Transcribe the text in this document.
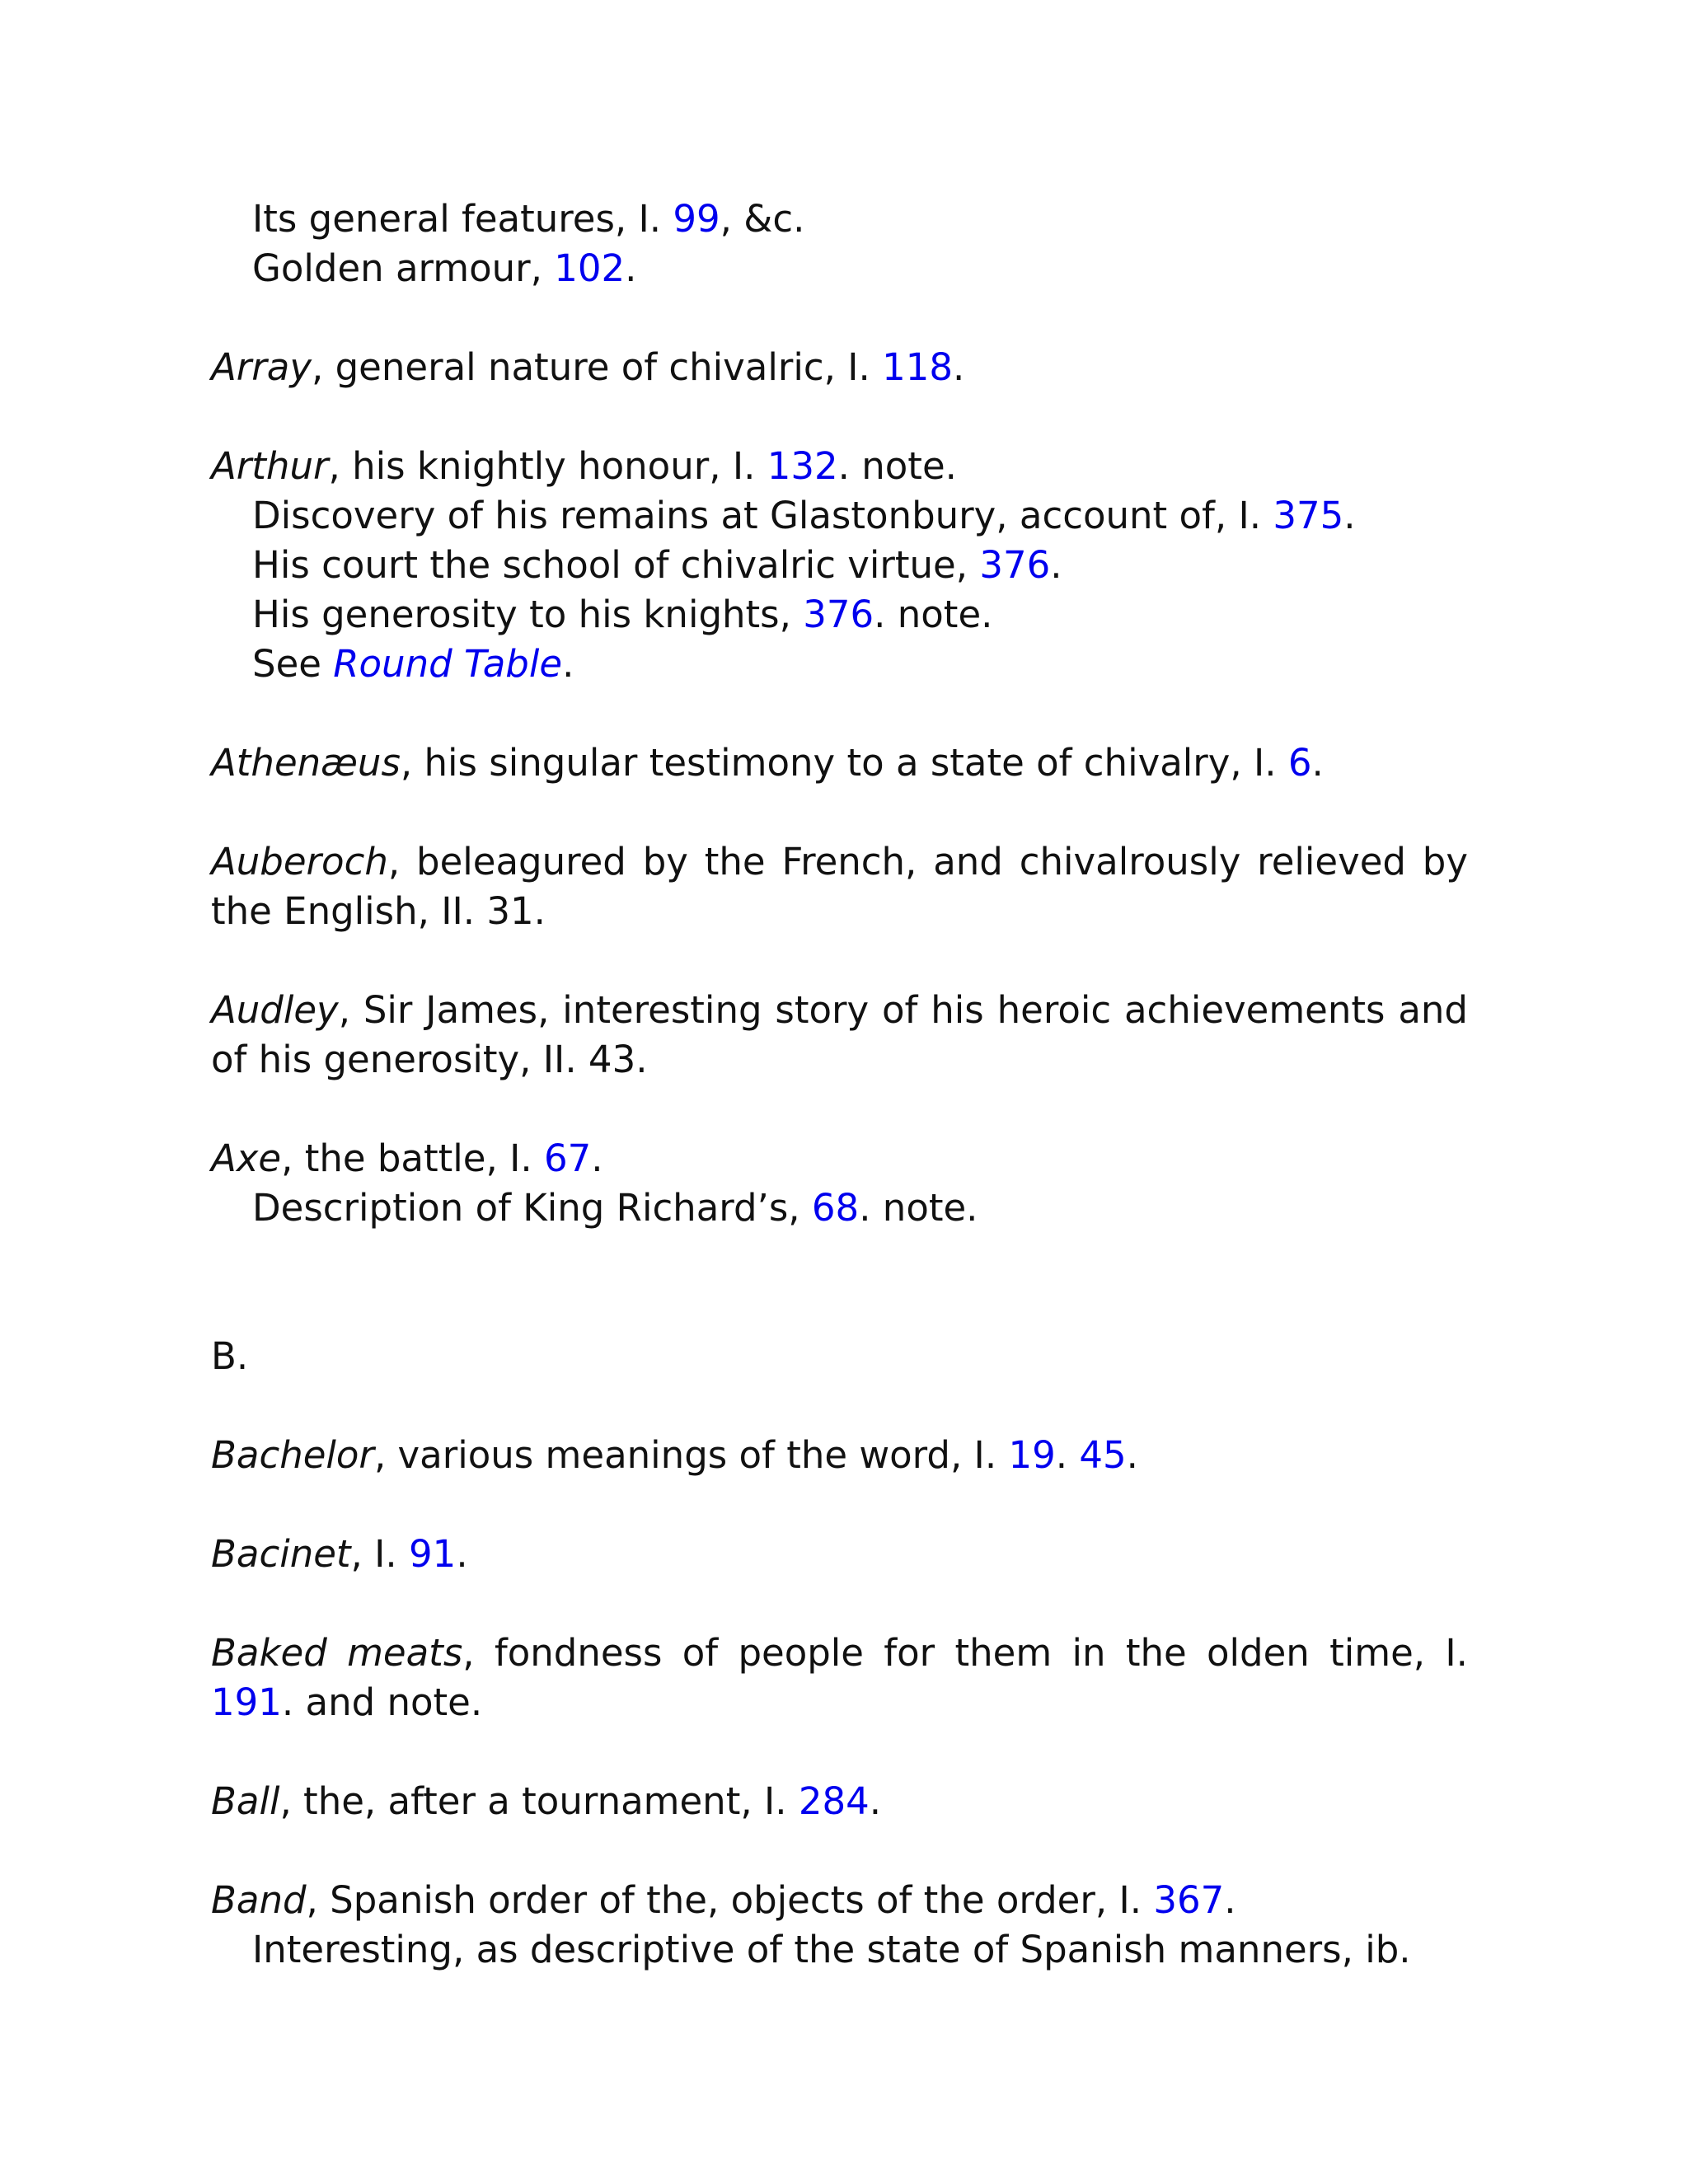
Its general features, I. 99, &c.
Golden armour, 102.
Array, general nature of chivalric, I. 118.
Arthur, his knightly honour, I. 132. note.
Discovery of his remains at Glastonbury, account of, I. 375.
His court the school of chivalric virtue, 376.
His generosity to his knights, 376. note.
See Round Table.
Athenæus, his singular testimony to a state of chivalry, I. 6.
Auberoch, beleagured by the French, and chivalrously relieved by the English, II. 31.
Audley, Sir James, interesting story of his heroic achievements and of his generosity, II. 43.
Axe, the battle, I. 67.
Description of King Richard’s, 68. note.
B.
Bachelor, various meanings of the word, I. 19. 45.
Bacinet, I. 91.
Baked meats, fondness of people for them in the olden time, I. 191. and note.
Ball, the, after a tournament, I. 284.
Band, Spanish order of the, objects of the order, I. 367.
Interesting, as descriptive of the state of Spanish manners, ib.
